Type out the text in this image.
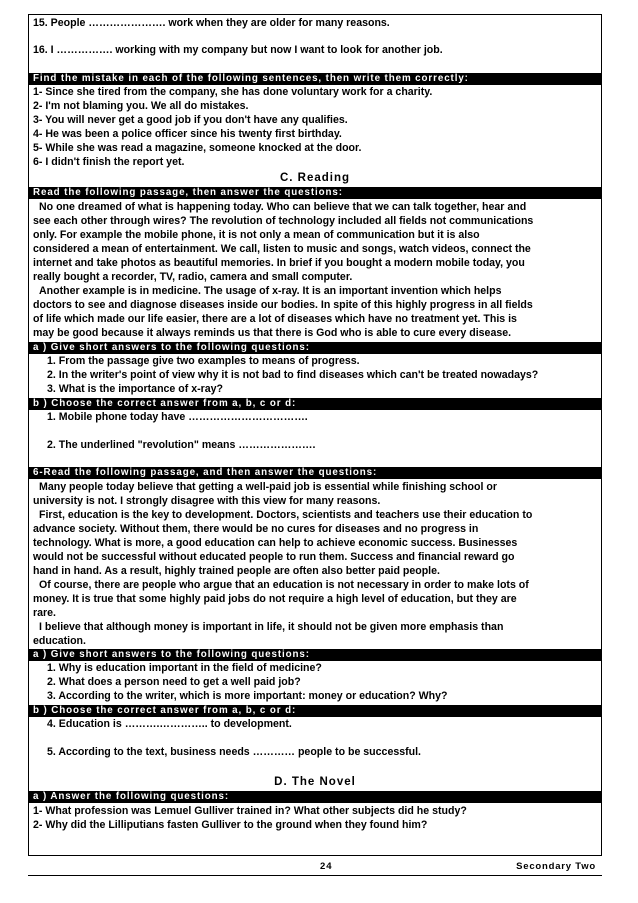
15. People …………………. work when they are older for many reasons.
16. I ……………. working with my company but now I want to look for another job.
Find the mistake in each of the following sentences, then write them correctly:
1- Since she tired from the company, she has done voluntary work for a charity.
2- I'm not blaming you. We all do mistakes.
3- You will never get a good job if you don't have any qualifies.
4- He was been a police officer since his twenty first birthday.
5- While she was read a magazine, someone knocked at the door.
6- I didn't finish the report yet.
C. Reading
Read the following passage, then answer the questions:
No one dreamed of what is happening today. Who can believe that we can talk together, hear and
see each other through wires? The revolution of technology included all fields not communications
only. For example the mobile phone, it is not only a mean of communication but it is also
considered a mean of entertainment. We call, listen to music and songs, watch videos, connect the
internet and take photos as beautiful memories. In brief if you bought a modern mobile today, you
really bought a recorder, TV, radio, camera and small computer.
Another example is in medicine. The usage of x-ray. It is an important invention which helps
doctors to see and diagnose diseases inside our bodies. In spite of this highly progress in all fields
of life which made our life easier, there are a lot of diseases which have no treatment yet. This is
may be good because it always reminds us that there is God who is able to cure every disease.
a ) Give short answers to the following questions:
1. From the passage give two examples to means of progress.
2. In the writer's point of view why it is not bad to find diseases which can't be treated nowadays?
3. What is the importance of x-ray?
b ) Choose the correct answer from a, b, c or d:
1. Mobile phone today have …………………………….
2. The underlined "revolution" means ………………….
6-Read the following passage, and then answer the questions:
Many people today believe that getting a well-paid job is essential while finishing school or
university is not. I strongly disagree with this view for many reasons.
First, education is the key to development. Doctors, scientists and teachers use their education to
advance society. Without them, there would be no cures for diseases and no progress in
technology. What is more, a good education can help to achieve economic success. Businesses
would not be successful without educated people to run them. Success and financial reward go
hand in hand. As a result, highly trained people are often also better paid people.
Of course, there are people who argue that an education is not necessary in order to make lots of
money. It is true that some highly paid jobs do not require a high level of education, but they are
rare.
I believe that although money is important in life, it should not be given more emphasis than
education.
a ) Give short answers to the following questions:
1. Why is education important in the field of medicine?
2. What does a person need to get a well paid job?
3. According to the writer, which is more important: money or education? Why?
b ) Choose the correct answer from a, b, c or d:
4. Education is ……….………….. to development.
5. According to the text, business needs ………… people to be successful.
D. The Novel
a ) Answer the following questions:
1- What profession was Lemuel Gulliver trained in? What other subjects did he study?
2- Why did the Lilliputians fasten Gulliver to the ground when they found him?
24	Secondary Two
